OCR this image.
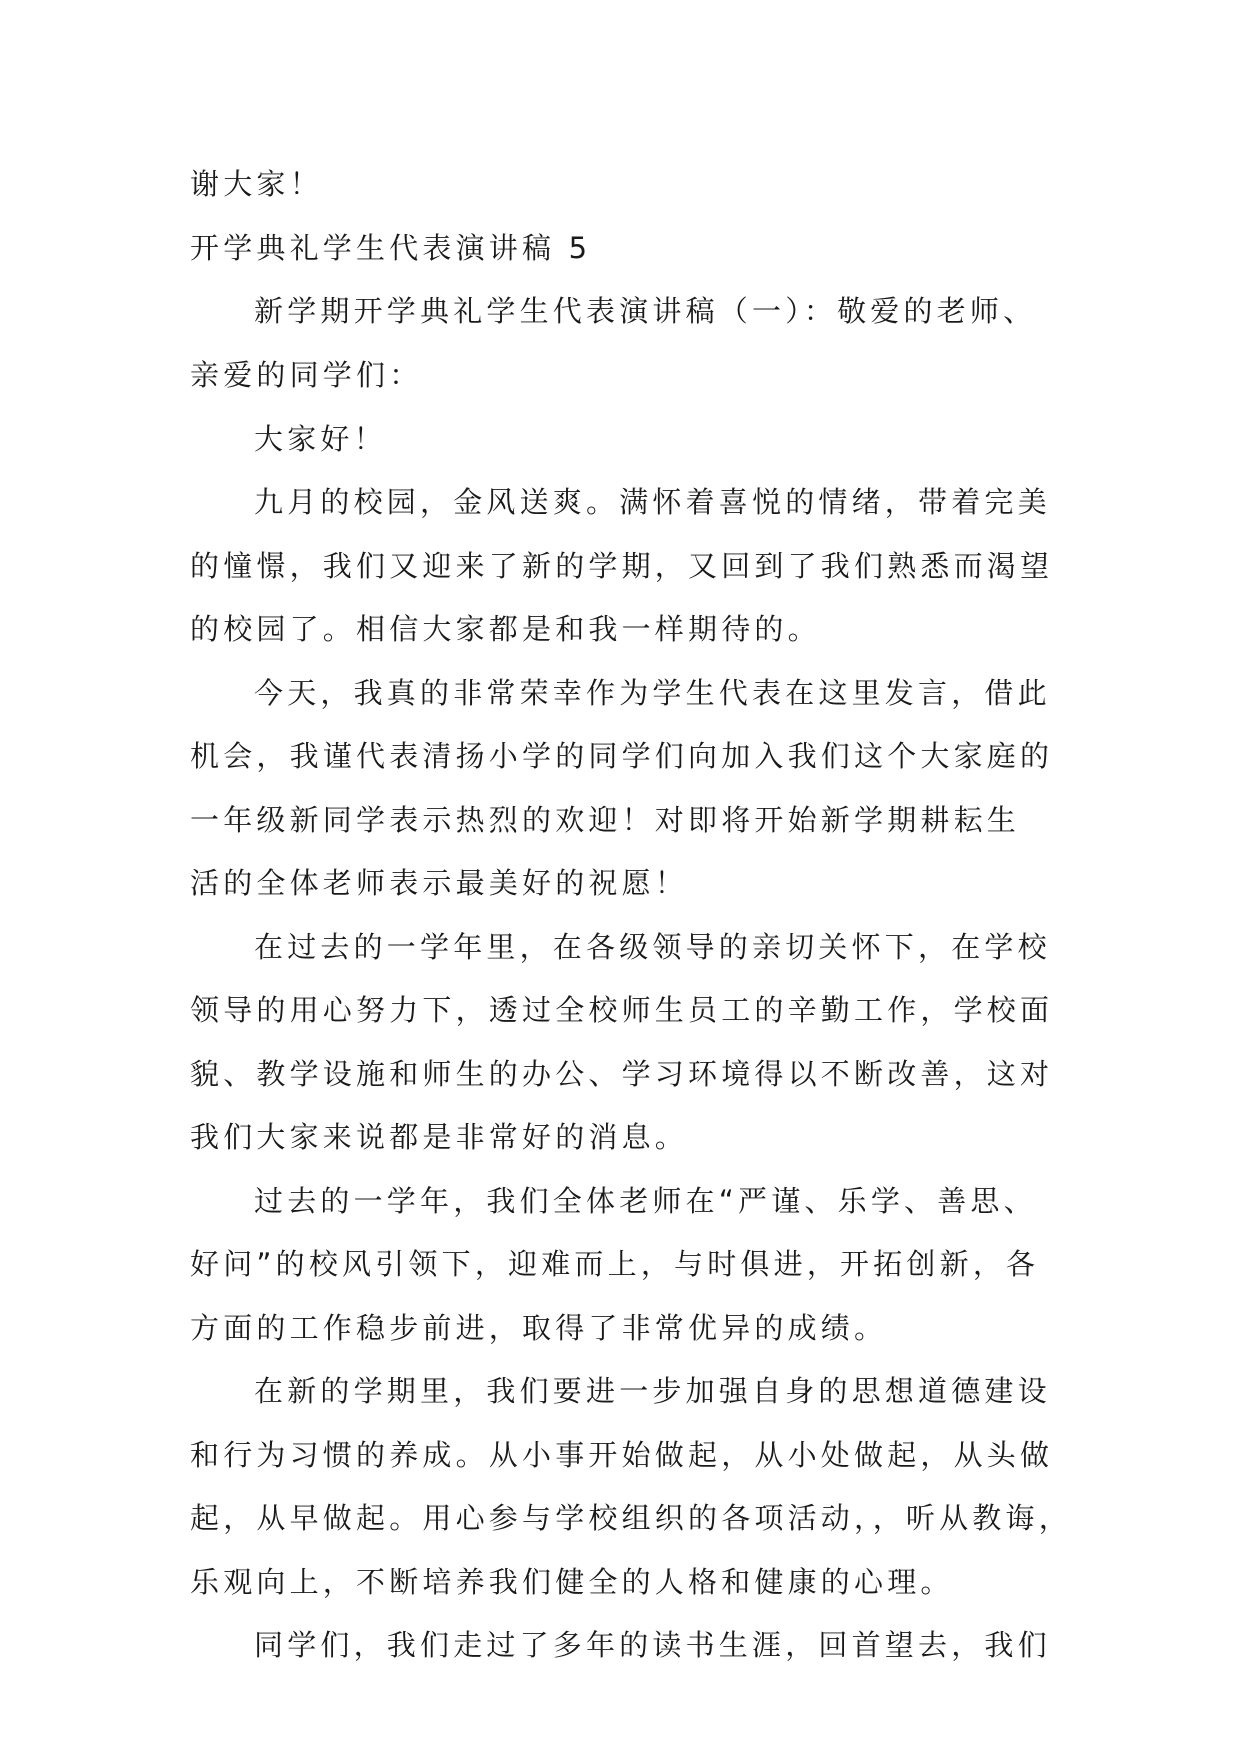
谢大家！
开学典礼学生代表演讲稿 5
新学期开学典礼学生代表演讲稿（一）：敬爱的老师、
亲爱的同学们：
大家好！
九月的校园，金风送爽。满怀着喜悦的情绪，带着完美
的憧憬，我们又迎来了新的学期，又回到了我们熟悉而渴望
的校园了。相信大家都是和我一样期待的。
今天，我真的非常荣幸作为学生代表在这里发言，借此
机会，我谨代表清扬小学的同学们向加入我们这个大家庭的
一年级新同学表示热烈的欢迎！对即将开始新学期耕耘生
活的全体老师表示最美好的祝愿！
在过去的一学年里，在各级领导的亲切关怀下，在学校
领导的用心努力下，透过全校师生员工的辛勤工作，学校面
貌、教学设施和师生的办公、学习环境得以不断改善，这对
我们大家来说都是非常好的消息。
过去的一学年，我们全体老师在“严谨、乐学、善思、
好问”的校风引领下，迎难而上，与时俱进，开拓创新，各
方面的工作稳步前进，取得了非常优异的成绩。
在新的学期里，我们要进一步加强自身的思想道德建设
和行为习惯的养成。从小事开始做起，从小处做起，从头做
起，从早做起。用心参与学校组织的各项活动，，听从教诲，
乐观向上，不断培养我们健全的人格和健康的心理。
同学们，我们走过了多年的读书生涯，回首望去，我们
